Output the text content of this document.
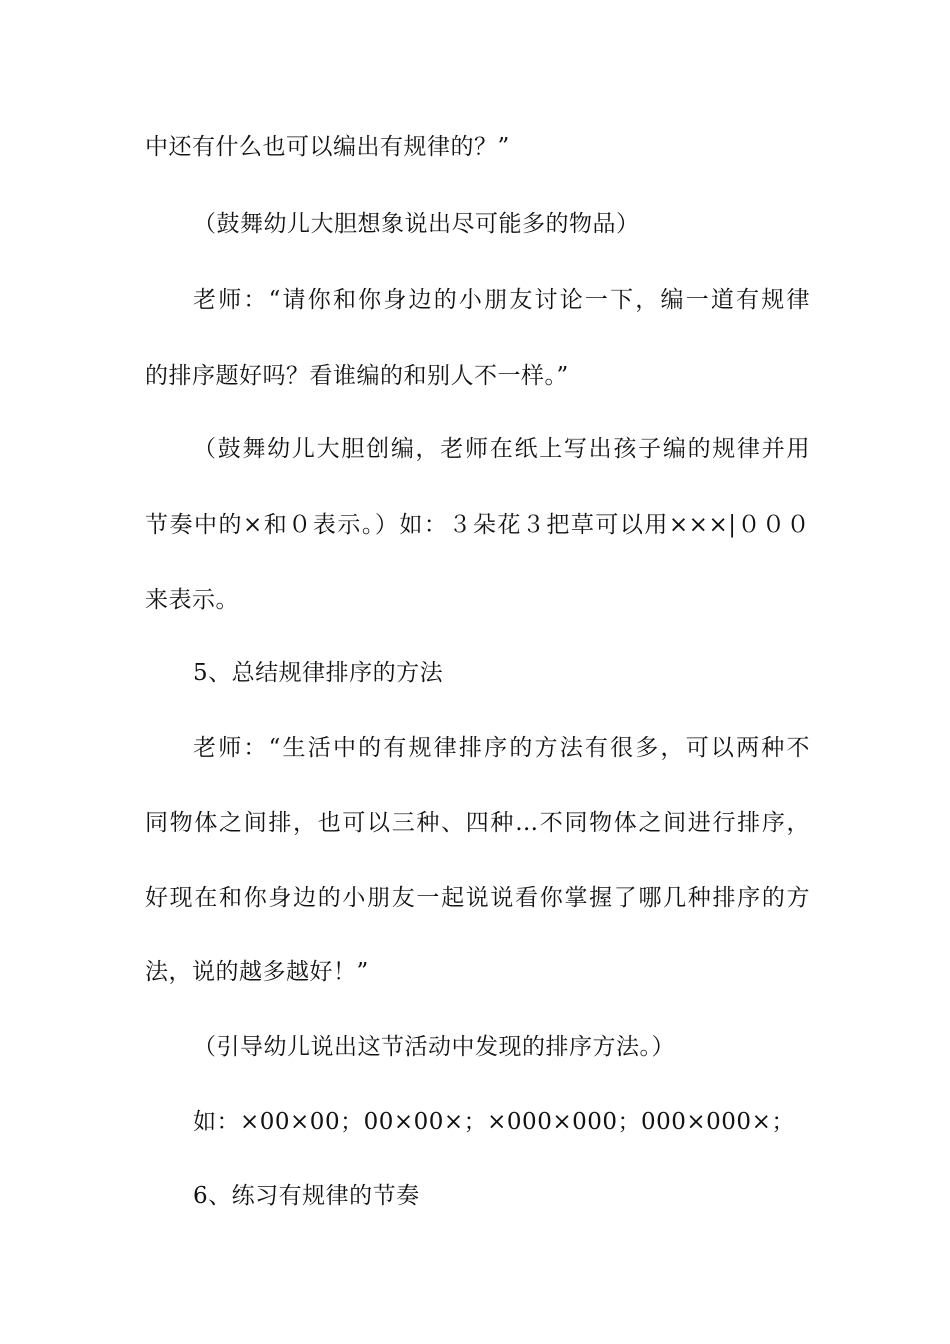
中还有什么也可以编出有规律的？”
（鼓舞幼儿大胆想象说出尽可能多的物品）
老师：“请你和你身边的小朋友讨论一下，编一道有规律
的排序题好吗？看谁编的和别人不一样。”
（鼓舞幼儿大胆创编，老师在纸上写出孩子编的规律并用
节奏中的×和０表示。）如：３朵花３把草可以用×××|０００
来表示。
5、总结规律排序的方法
老师：“生活中的有规律排序的方法有很多，可以两种不
同物体之间排，也可以三种、四种…不同物体之间进行排序，
好现在和你身边的小朋友一起说说看你掌握了哪几种排序的方
法，说的越多越好！”
（引导幼儿说出这节活动中发现的排序方法。）
如：×00×00；00×00×；×000×000；000×000×；
6、练习有规律的节奏
